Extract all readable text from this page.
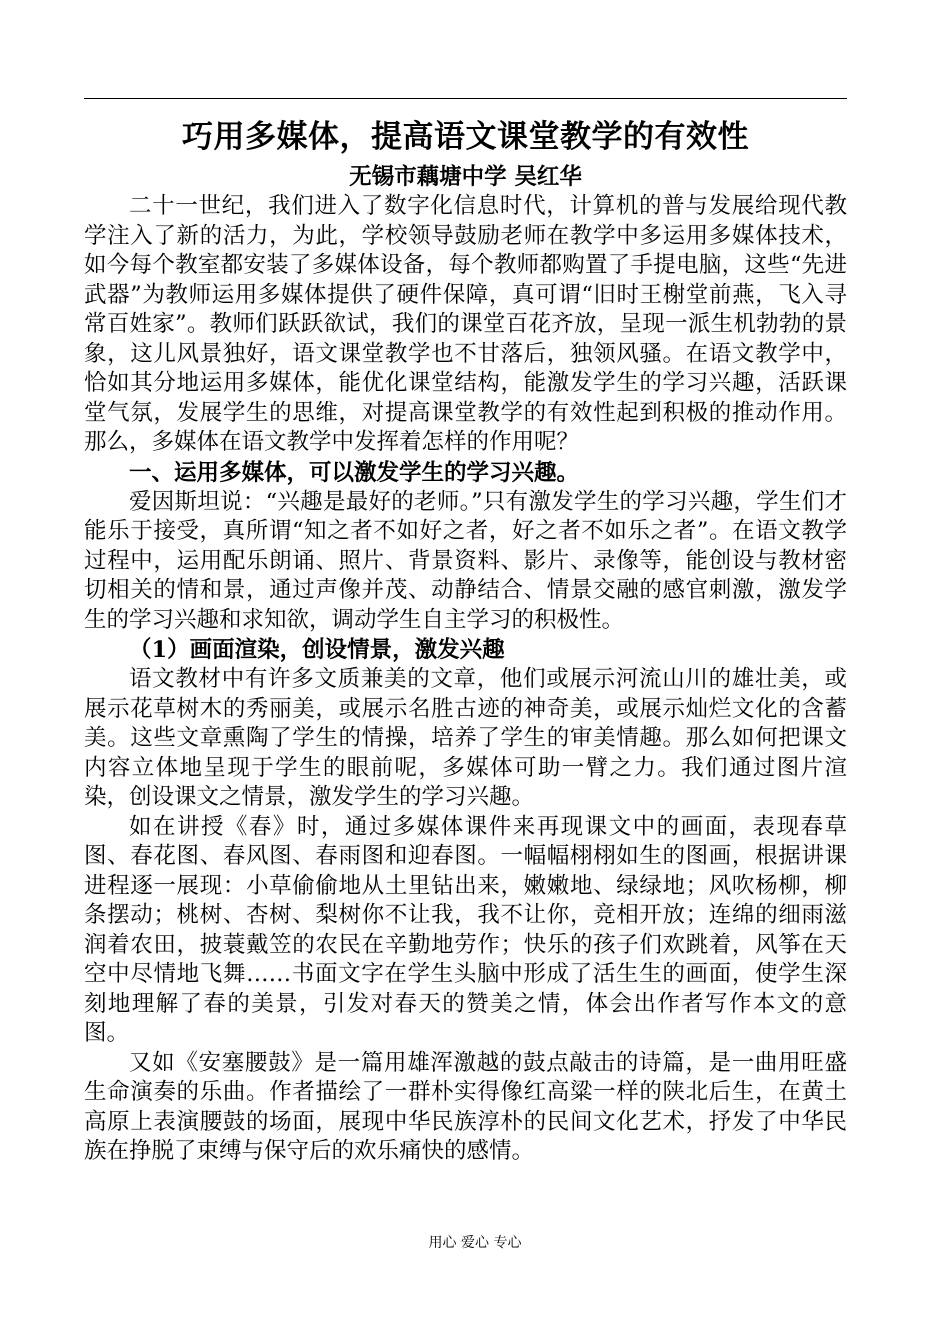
巧用多媒体，提高语文课堂教学的有效性
无锡市藕塘中学 吴红华

二十一世纪，我们进入了数字化信息时代，计算机的普与发展给现代教学注入了新的活力，为此，学校领导鼓励老师在教学中多运用多媒体技术，如今每个教室都安装了多媒体设备，每个教师都购置了手提电脑，这些“先进武器”为教师运用多媒体提供了硬件保障，真可谓“旧时王榭堂前燕，飞入寻常百姓家”。教师们跃跃欲试，我们的课堂百花齐放，呈现一派生机勃勃的景象，这儿风景独好，语文课堂教学也不甘落后，独领风骚。在语文教学中，恰如其分地运用多媒体，能优化课堂结构，能激发学生的学习兴趣，活跃课堂气氛，发展学生的思维，对提高课堂教学的有效性起到积极的推动作用。那么，多媒体在语文教学中发挥着怎样的作用呢？

一、运用多媒体，可以激发学生的学习兴趣。

爱因斯坦说：“兴趣是最好的老师。”只有激发学生的学习兴趣，学生们才能乐于接受，真所谓“知之者不如好之者，好之者不如乐之者”。在语文教学过程中，运用配乐朗诵、照片、背景资料、影片、录像等，能创设与教材密切相关的情和景，通过声像并茂、动静结合、情景交融的感官刺激，激发学生的学习兴趣和求知欲，调动学生自主学习的积极性。

（1）画面渲染，创设情景，激发兴趣

语文教材中有许多文质兼美的文章，他们或展示河流山川的雄壮美，或展示花草树木的秀丽美，或展示名胜古迹的神奇美，或展示灿烂文化的含蓄美。这些文章熏陶了学生的情操，培养了学生的审美情趣。那么如何把课文内容立体地呈现于学生的眼前呢，多媒体可助一臂之力。我们通过图片渲染，创设课文之情景，激发学生的学习兴趣。

如在讲授《春》时，通过多媒体课件来再现课文中的画面，表现春草图、春花图、春风图、春雨图和迎春图。一幅幅栩栩如生的图画，根据讲课进程逐一展现：小草偷偷地从土里钻出来，嫩嫩地、绿绿地；风吹杨柳，柳条摆动；桃树、杏树、梨树你不让我，我不让你，竞相开放；连绵的细雨滋润着农田，披蓑戴笠的农民在辛勤地劳作；快乐的孩子们欢跳着，风筝在天空中尽情地飞舞……书面文字在学生头脑中形成了活生生的画面，使学生深刻地理解了春的美景，引发对春天的赞美之情，体会出作者写作本文的意图。

又如《安塞腰鼓》是一篇用雄浑激越的鼓点敲击的诗篇，是一曲用旺盛生命演奏的乐曲。作者描绘了一群朴实得像红高粱一样的陕北后生，在黄土高原上表演腰鼓的场面，展现中华民族淳朴的民间文化艺术，抒发了中华民族在挣脱了束缚与保守后的欢乐痛快的感情。

用心 爱心 专心
